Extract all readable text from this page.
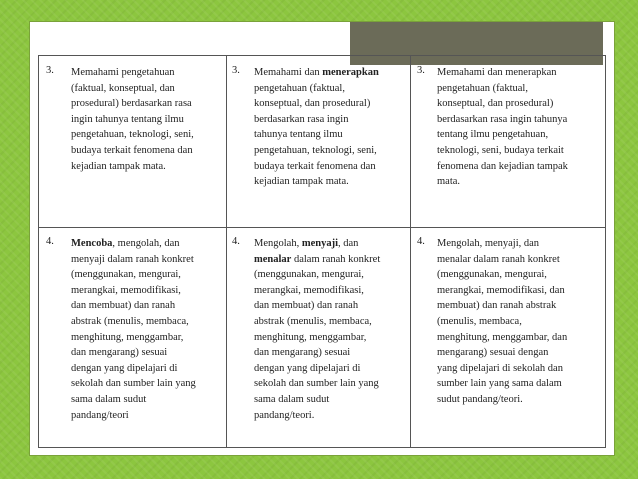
3. Memahami pengetahuan
(faktual, konseptual, dan
prosedural) berdasarkan rasa
ingin tahunya tentang ilmu
pengetahuan, teknologi, seni,
budaya terkait fenomena dan
kejadian tampak mata.
3. Memahami dan menerapkan
pengetahuan (faktual,
konseptual, dan prosedural)
berdasarkan rasa ingin
tahunya tentang ilmu
pengetahuan, teknologi, seni,
budaya terkait fenomena dan
kejadian tampak mata.
3. Memahami dan menerapkan
pengetahuan (faktual,
konseptual, dan prosedural)
berdasarkan rasa ingin tahunya
tentang ilmu pengetahuan,
teknologi, seni, budaya terkait
fenomena dan kejadian tampak
mata.
4. Mencoba, mengolah, dan
menyaji dalam ranah konkret
(menggunakan, mengurai,
merangkai, memodifikasi,
dan membuat) dan ranah
abstrak (menulis, membaca,
menghitung, menggambar,
dan mengarang) sesuai
dengan yang dipelajari di
sekolah dan sumber lain yang
sama dalam sudut
pandang/teori
4. Mengolah, menyaji, dan
menalar dalam ranah konkret
(menggunakan, mengurai,
merangkai, memodifikasi,
dan membuat) dan ranah
abstrak (menulis, membaca,
menghitung, menggambar,
dan mengarang) sesuai
dengan yang dipelajari di
sekolah dan sumber lain yang
sama dalam sudut
pandang/teori.
4. Mengolah, menyaji, dan
menalar dalam ranah konkret
(menggunakan, mengurai,
merangkai, memodifikasi, dan
membuat) dan ranah abstrak
(menulis, membaca,
menghitung, menggambar, dan
mengarang) sesuai dengan
yang dipelajari di sekolah dan
sumber lain yang sama dalam
sudut pandang/teori.
